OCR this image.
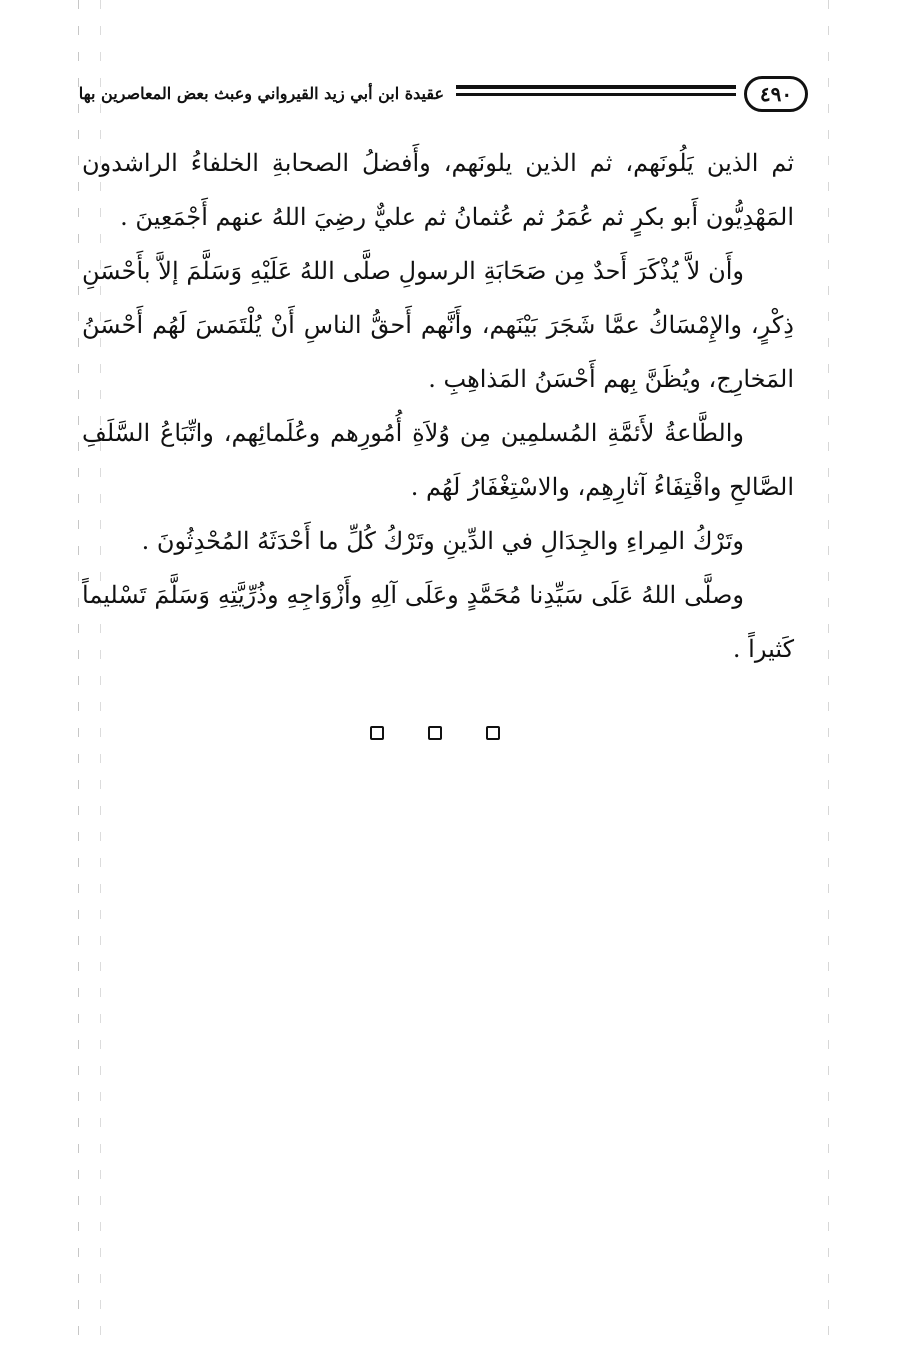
٤٩٠
عقيدة ابن أبي زيد القيرواني وعبث بعض المعاصرين بها

ثم الذين يَلُونَهم، ثم الذين يلونَهم، وأَفضلُ الصحابةِ الخلفاءُ الراشدون المَهْدِيُّون أَبو بكرٍ ثم عُمَرُ ثم عُثمانُ ثم عليٌّ رضِيَ اللهُ عنهم أَجْمَعِينَ .

وأَن لاَّ يُذْكَرَ أَحدٌ مِن صَحَابَةِ الرسولِ صلَّى اللهُ عَلَيْهِ وَسَلَّمَ إلاَّ بأَحْسَنِ ذِكْرٍ، والإِمْسَاكُ عمَّا شَجَرَ بَيْنَهم، وأَنَّهم أَحقُّ الناسِ أَنْ يُلْتَمَسَ لَهُم أَحْسَنُ المَخارِج، ويُظَنَّ بِهم أَحْسَنُ المَذاهِبِ .

والطَّاعةُ لأَئمَّةِ المُسلمِين مِن وُلاَةِ أُمُورِهم وعُلَمائِهم، واتِّبَاعُ السَّلَفِ الصَّالحِ واقْتِفَاءُ آثارِهِم، والاسْتِغْفَارُ لَهُم .

وتَرْكُ المِراءِ والجِدَالِ في الدِّينِ وتَرْكُ كُلِّ ما أَحْدَثَهُ المُحْدِثُونَ .

وصلَّى اللهُ عَلَى سَيِّدِنا مُحَمَّدٍ وعَلَى آلِهِ وأَزْوَاجِهِ وذُرِّيَّتِهِ وَسَلَّمَ تَسْليماً كَثيراً .
